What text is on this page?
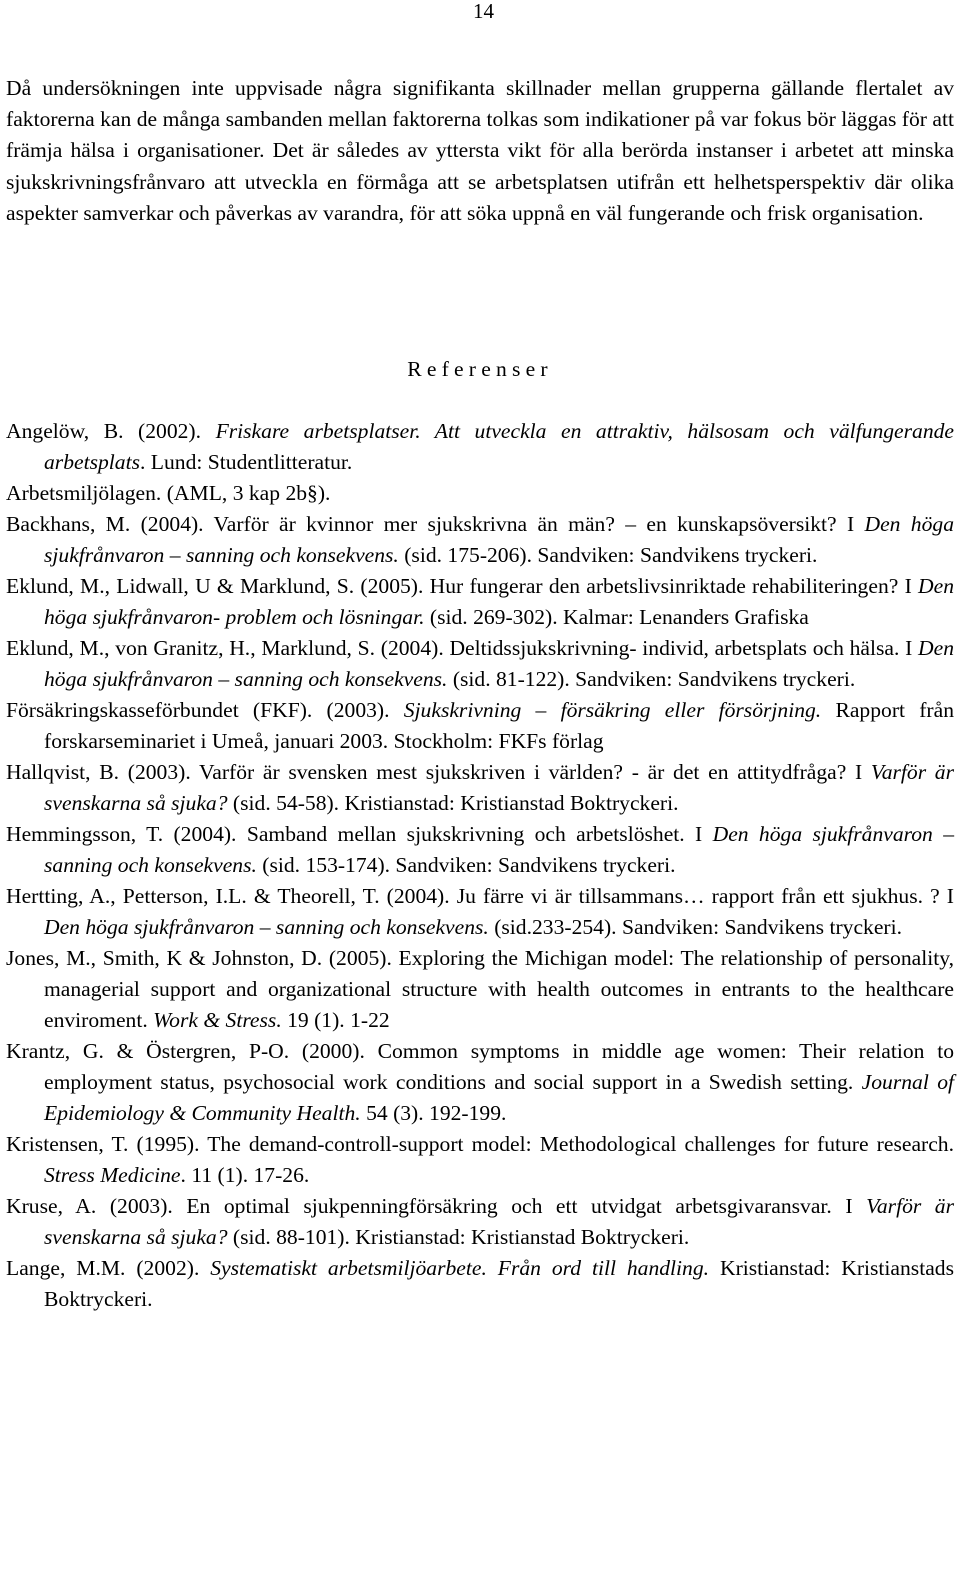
14

Då undersökningen inte uppvisade några signifikanta skillnader mellan grupperna gällande flertalet av faktorerna kan de många sambanden mellan faktorerna tolkas som indikationer på var fokus bör läggas för att främja hälsa i organisationer. Det är således av yttersta vikt för alla berörda instanser i arbetet att minska sjukskrivningsfrånvaro att utveckla en förmåga att se arbetsplatsen utifrån ett helhetsperspektiv där olika aspekter samverkar och påverkas av varandra, för att söka uppnå en väl fungerande och frisk organisation.

Referenser

Angelöw, B. (2002). Friskare arbetsplatser. Att utveckla en attraktiv, hälsosam och välfungerande arbetsplats. Lund: Studentlitteratur.

Arbetsmiljölagen. (AML, 3 kap 2b§).

Backhans, M. (2004). Varför är kvinnor mer sjukskrivna än män? – en kunskapsöversikt? I Den höga sjukfrånvaron – sanning och konsekvens. (sid. 175-206). Sandviken: Sandvikens tryckeri.

Eklund, M., Lidwall, U & Marklund, S. (2005). Hur fungerar den arbetslivsinriktade rehabiliteringen? I Den höga sjukfrånvaron- problem och lösningar. (sid. 269-302). Kalmar: Lenanders Grafiska

Eklund, M., von Granitz, H., Marklund, S. (2004). Deltidssjukskrivning- individ, arbetsplats och hälsa. I Den höga sjukfrånvaron – sanning och konsekvens. (sid. 81-122). Sandviken: Sandvikens tryckeri.

Försäkringskasseförbundet (FKF). (2003). Sjukskrivning – försäkring eller försörjning. Rapport från forskarseminariet i Umeå, januari 2003. Stockholm: FKFs förlag

Hallqvist, B. (2003). Varför är svensken mest sjukskriven i världen? - är det en attitydfråga? I Varför är svenskarna så sjuka? (sid. 54-58). Kristianstad: Kristianstad Boktryckeri.

Hemmingsson, T. (2004). Samband mellan sjukskrivning och arbetslöshet. I Den höga sjukfrånvaron – sanning och konsekvens. (sid. 153-174). Sandviken: Sandvikens tryckeri.

Hertting, A., Petterson, I.L. & Theorell, T. (2004). Ju färre vi är tillsammans… rapport från ett sjukhus. ? I Den höga sjukfrånvaron – sanning och konsekvens. (sid.233-254). Sandviken: Sandvikens tryckeri.

Jones, M., Smith, K & Johnston, D. (2005). Exploring the Michigan model: The relationship of personality, managerial support and organizational structure with health outcomes in entrants to the healthcare enviroment. Work & Stress. 19 (1). 1-22

Krantz, G. & Östergren, P-O. (2000). Common symptoms in middle age women: Their relation to employment status, psychosocial work conditions and social support in a Swedish setting. Journal of Epidemiology & Community Health. 54 (3). 192-199.

Kristensen, T. (1995). The demand-controll-support model: Methodological challenges for future research. Stress Medicine. 11 (1). 17-26.

Kruse, A. (2003). En optimal sjukpenningförsäkring och ett utvidgat arbetsgivaransvar. I Varför är svenskarna så sjuka? (sid. 88-101). Kristianstad: Kristianstad Boktryckeri.

Lange, M.M. (2002). Systematiskt arbetsmiljöarbete. Från ord till handling. Kristianstad: Kristianstads Boktryckeri.
